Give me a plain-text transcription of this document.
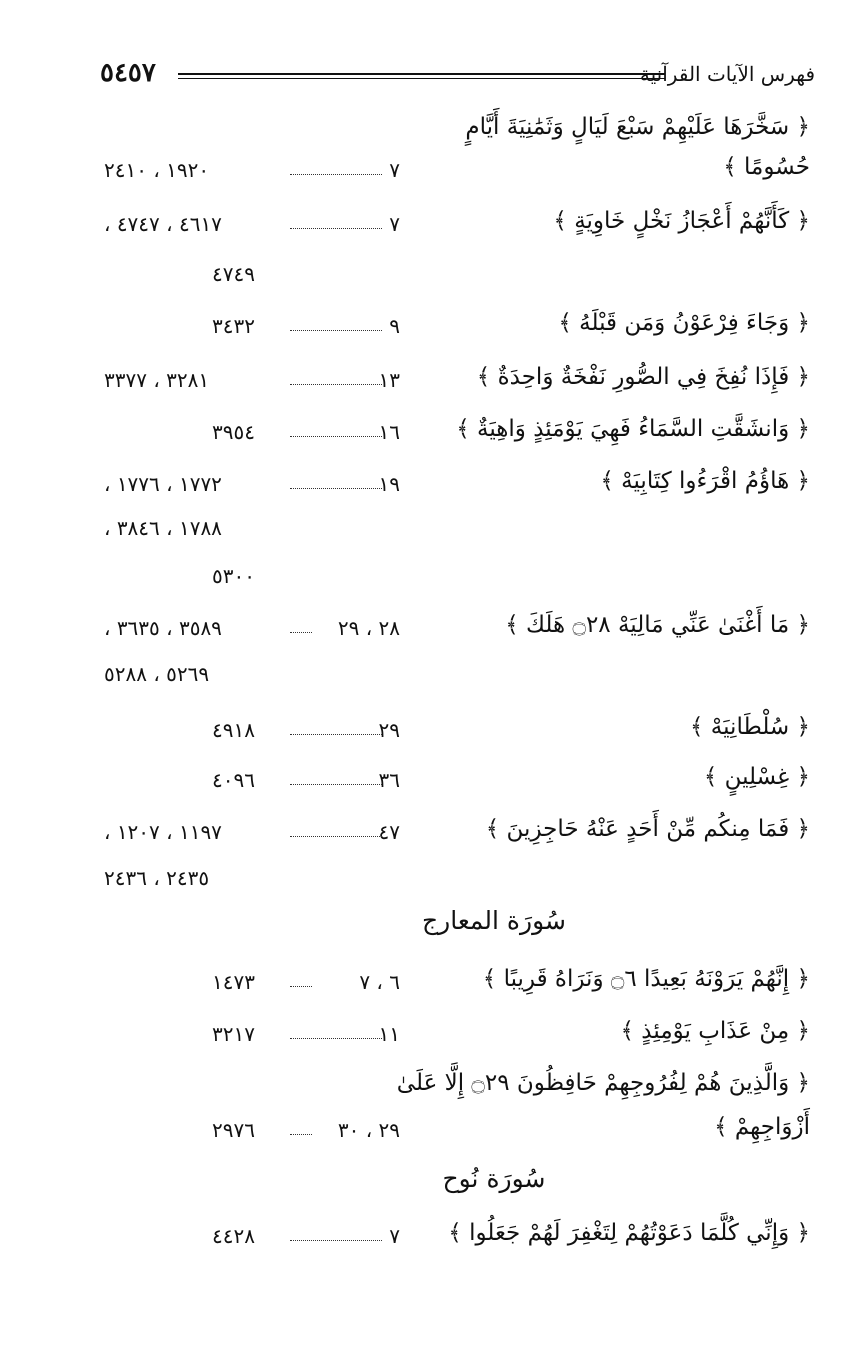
٥٤٥٧	فهرس الآيات القرآنية
﴿ سَخَّرَهَا عَلَيْهِمْ سَبْعَ لَيَالٍ وَثَمَٰنِيَةَ أَيَّامٍ
حُسُومًا ﴾
٧
١٩٢٠ ، ٢٤١٠
﴿ كَأَنَّهُمْ أَعْجَازُ نَخْلٍ خَاوِيَةٍ ﴾
٧
٤٦١٧ ، ٤٧٤٧ ،
٤٧٤٩
﴿ وَجَاءَ فِرْعَوْنُ وَمَن قَبْلَهُ ﴾
٩
٣٤٣٢
﴿ فَإِذَا نُفِخَ فِي الصُّورِ نَفْخَةٌ وَاحِدَةٌ ﴾
١٣
٣٢٨١ ، ٣٣٧٧
﴿ وَانشَقَّتِ السَّمَاءُ فَهِيَ يَوْمَئِذٍ وَاهِيَةٌ ﴾
١٦
٣٩٥٤
﴿ هَاؤُمُ اقْرَءُوا كِتَابِيَهْ ﴾
١٩
١٧٧٢ ، ١٧٧٦ ،
١٧٨٨ ، ٣٨٤٦ ،
٥٣٠٠
﴿ مَا أَغْنَىٰ عَنِّي مَالِيَهْ ۝٢٨ هَلَكَ ﴾
٢٨ ، ٢٩
٣٥٨٩ ، ٣٦٣٥ ،
٥٢٦٩ ، ٥٢٨٨
﴿ سُلْطَانِيَهْ ﴾
٢٩
٤٩١٨
﴿ غِسْلِينٍ ﴾
٣٦
٤٠٩٦
﴿ فَمَا مِنكُم مِّنْ أَحَدٍ عَنْهُ حَاجِزِينَ ﴾
٤٧
١١٩٧ ، ١٢٠٧ ،
٢٤٣٥ ، ٢٤٣٦
سُورَة المعارج
﴿ إِنَّهُمْ يَرَوْنَهُ بَعِيدًا ۝٦ وَنَرَاهُ قَرِيبًا ﴾
٦ ، ٧
١٤٧٣
﴿ مِنْ عَذَابِ يَوْمِئِذٍ ﴾
١١
٣٢١٧
﴿ وَالَّذِينَ هُمْ لِفُرُوجِهِمْ حَافِظُونَ ۝٢٩ إِلَّا عَلَىٰ
أَزْوَاجِهِمْ ﴾
٢٩ ، ٣٠
٢٩٧٦
سُورَة نُوح
﴿ وَإِنِّي كُلَّمَا دَعَوْتُهُمْ لِتَغْفِرَ لَهُمْ جَعَلُوا ﴾
٧
٤٤٢٨
